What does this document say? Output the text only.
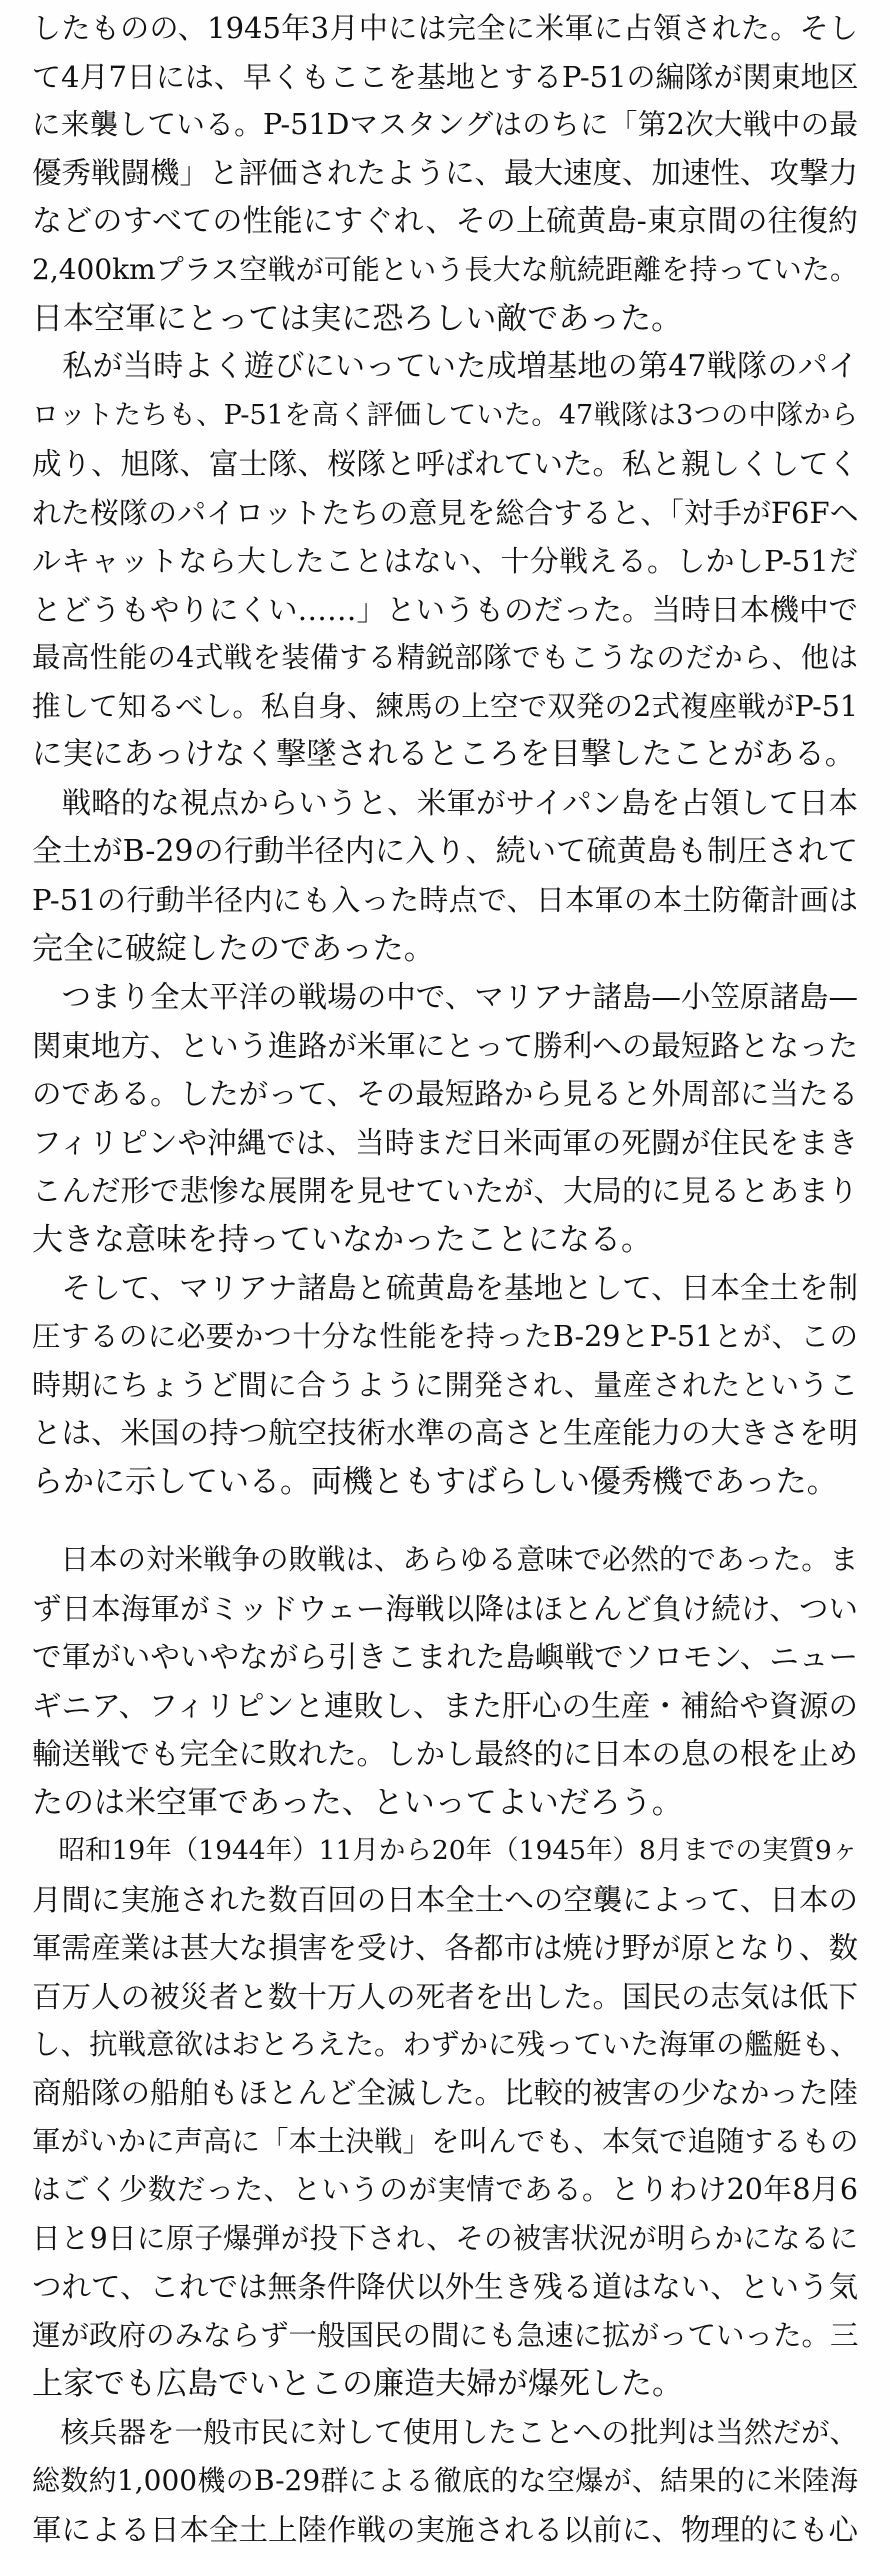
したものの、1945年3月中には完全に米軍に占領された。そし
て4月7日には、早くもここを基地とするP-51の編隊が関東地区
に来襲している。P-51Dマスタングはのちに「第2次大戦中の最
優秀戦闘機」と評価されたように、最大速度、加速性、攻撃力
などのすべての性能にすぐれ、その上硫黄島‐東京間の往復約
2,400kmプラス空戦が可能という長大な航続距離を持っていた。
日本空軍にとっては実に恐ろしい敵であった。
　私が当時よく遊びにいっていた成増基地の第47戦隊のパイ
ロットたちも、P-51を高く評価していた。47戦隊は3つの中隊から
成り、旭隊、富士隊、桜隊と呼ばれていた。私と親しくしてく
れた桜隊のパイロットたちの意見を総合すると、「対手がF6Fヘ
ルキャットなら大したことはない、十分戦える。しかしP-51だ
とどうもやりにくい……」というものだった。当時日本機中で
最高性能の4式戦を装備する精鋭部隊でもこうなのだから、他は
推して知るべし。私自身、練馬の上空で双発の2式複座戦がP-51
に実にあっけなく撃墜されるところを目撃したことがある。
　戦略的な視点からいうと、米軍がサイパン島を占領して日本
全土がB-29の行動半径内に入り、続いて硫黄島も制圧されて
P-51の行動半径内にも入った時点で、日本軍の本土防衛計画は
完全に破綻したのであった。
　つまり全太平洋の戦場の中で、マリアナ諸島—小笠原諸島—
関東地方、という進路が米軍にとって勝利への最短路となった
のである。したがって、その最短路から見ると外周部に当たる
フィリピンや沖縄では、当時まだ日米両軍の死闘が住民をまき
こんだ形で悲惨な展開を見せていたが、大局的に見るとあまり
大きな意味を持っていなかったことになる。
　そして、マリアナ諸島と硫黄島を基地として、日本全土を制
圧するのに必要かつ十分な性能を持ったB-29とP-51とが、この
時期にちょうど間に合うように開発され、量産されたというこ
とは、米国の持つ航空技術水準の高さと生産能力の大きさを明
らかに示している。両機ともすばらしい優秀機であった。
　日本の対米戦争の敗戦は、あらゆる意味で必然的であった。ま
ず日本海軍がミッドウェー海戦以降はほとんど負け続け、つい
で軍がいやいやながら引きこまれた島嶼戦でソロモン、ニュー
ギニア、フィリピンと連敗し、また肝心の生産・補給や資源の
輸送戦でも完全に敗れた。しかし最終的に日本の息の根を止め
たのは米空軍であった、といってよいだろう。
　昭和19年（1944年）11月から20年（1945年）8月までの実質9ヶ
月間に実施された数百回の日本全土への空襲によって、日本の
軍需産業は甚大な損害を受け、各都市は焼け野が原となり、数
百万人の被災者と数十万人の死者を出した。国民の志気は低下
し、抗戦意欲はおとろえた。わずかに残っていた海軍の艦艇も、
商船隊の船舶もほとんど全滅した。比較的被害の少なかった陸
軍がいかに声高に「本土決戦」を叫んでも、本気で追随するもの
はごく少数だった、というのが実情である。とりわけ20年8月6
日と9日に原子爆弾が投下され、その被害状況が明らかになるに
つれて、これでは無条件降伏以外生き残る道はない、という気
運が政府のみならず一般国民の間にも急速に拡がっていった。三
上家でも広島でいとこの廉造夫婦が爆死した。
　核兵器を一般市民に対して使用したことへの批判は当然だが、
総数約1,000機のB-29群による徹底的な空爆が、結果的に米陸海
軍による日本全土上陸作戦の実施される以前に、物理的にも心
